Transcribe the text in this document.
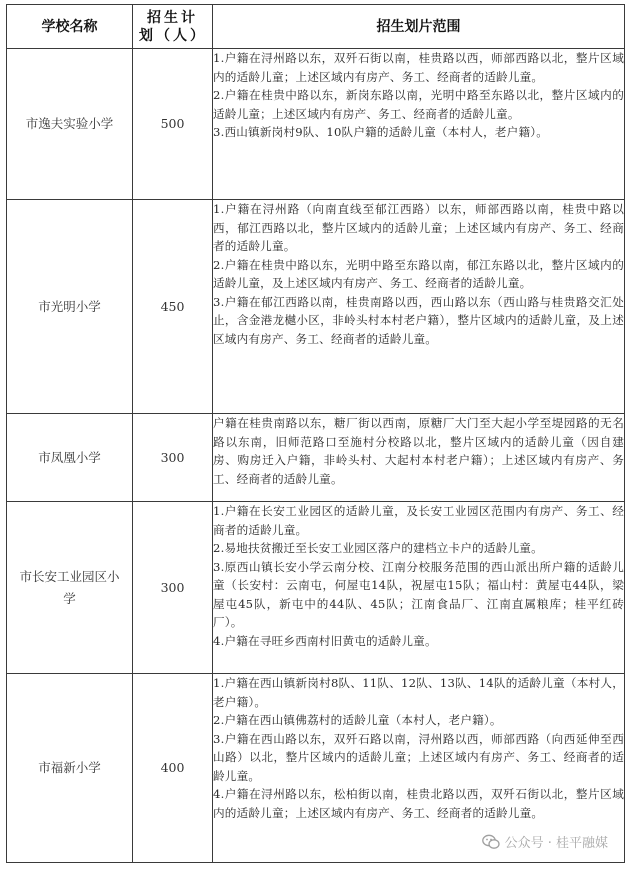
学校名称	招生计划（人）	招生划片范围
市逸夫实验小学	500	1.户籍在浔州路以东，双歼石街以南，桂贵路以西，师部西路以北，整片区域内的适龄儿童；上述区域内有房产、务工、经商者的适龄儿童。
2.户籍在桂贵中路以东，新岗东路以南，光明中路至东路以北，整片区域内的适龄儿童；上述区域内有房产、务工、经商者的适龄儿童。
3.西山镇新岗村9队、10队户籍的适龄儿童（本村人，老户籍）。

市光明小学	450	1.户籍在浔州路（向南直线至郁江西路）以东，师部西路以南，桂贵中路以西，郁江西路以北，整片区域内的适龄儿童；上述区域内有房产、务工、经商者的适龄儿童。
2.户籍在桂贵中路以东，光明中路至东路以南，郁江东路以北，整片区域内的适龄儿童，及上述区域内有房产、务工、经商者的适龄儿童。
3.户籍在郁江西路以南，桂贵南路以西，西山路以东（西山路与桂贵路交汇处止，含金港龙樾小区，非岭头村本村老户籍），整片区域内的适龄儿童，及上述区域内有房产、务工、经商者的适龄儿童。

市凤凰小学	300	户籍在桂贵南路以东，糖厂街以西南，原糖厂大门至大起小学至堤园路的无名路以东南，旧师范路口至施村分校路以北，整片区域内的适龄儿童（因自建房、购房迁入户籍，非岭头村、大起村本村老户籍）；上述区域内有房产、务工、经商者的适龄儿童。

市长安工业园区小学	300	1.户籍在长安工业园区的适龄儿童，及长安工业园区范围内有房产、务工、经商者的适龄儿童。
2.易地扶贫搬迁至长安工业园区落户的建档立卡户的适龄儿童。
3.原西山镇长安小学云南分校、江南分校服务范围的西山派出所户籍的适龄儿童（长安村：云南屯，何屋屯14队，祝屋屯15队；福山村：黄屋屯44队，梁屋屯45队，新屯中的44队、45队；江南食品厂、江南直属粮库；桂平红砖厂）。
4.户籍在寻旺乡西南村旧黄屯的适龄儿童。

市福新小学	400	1.户籍在西山镇新岗村8队、11队、12队、13队、14队的适龄儿童（本村人，老户籍）。
2.户籍在西山镇佛荔村的适龄儿童（本村人，老户籍）。
3.户籍在西山路以东，双歼石路以南，浔州路以西，师部西路（向西延伸至西山路）以北，整片区域内的适龄儿童；上述区域内有房产、务工、经商者的适龄儿童。
4.户籍在浔州路以东，松柏街以南，桂贵北路以西，双歼石街以北，整片区域内的适龄儿童；上述区域内有房产、务工、经商者的适龄儿童。
公众号 · 桂平融媒
